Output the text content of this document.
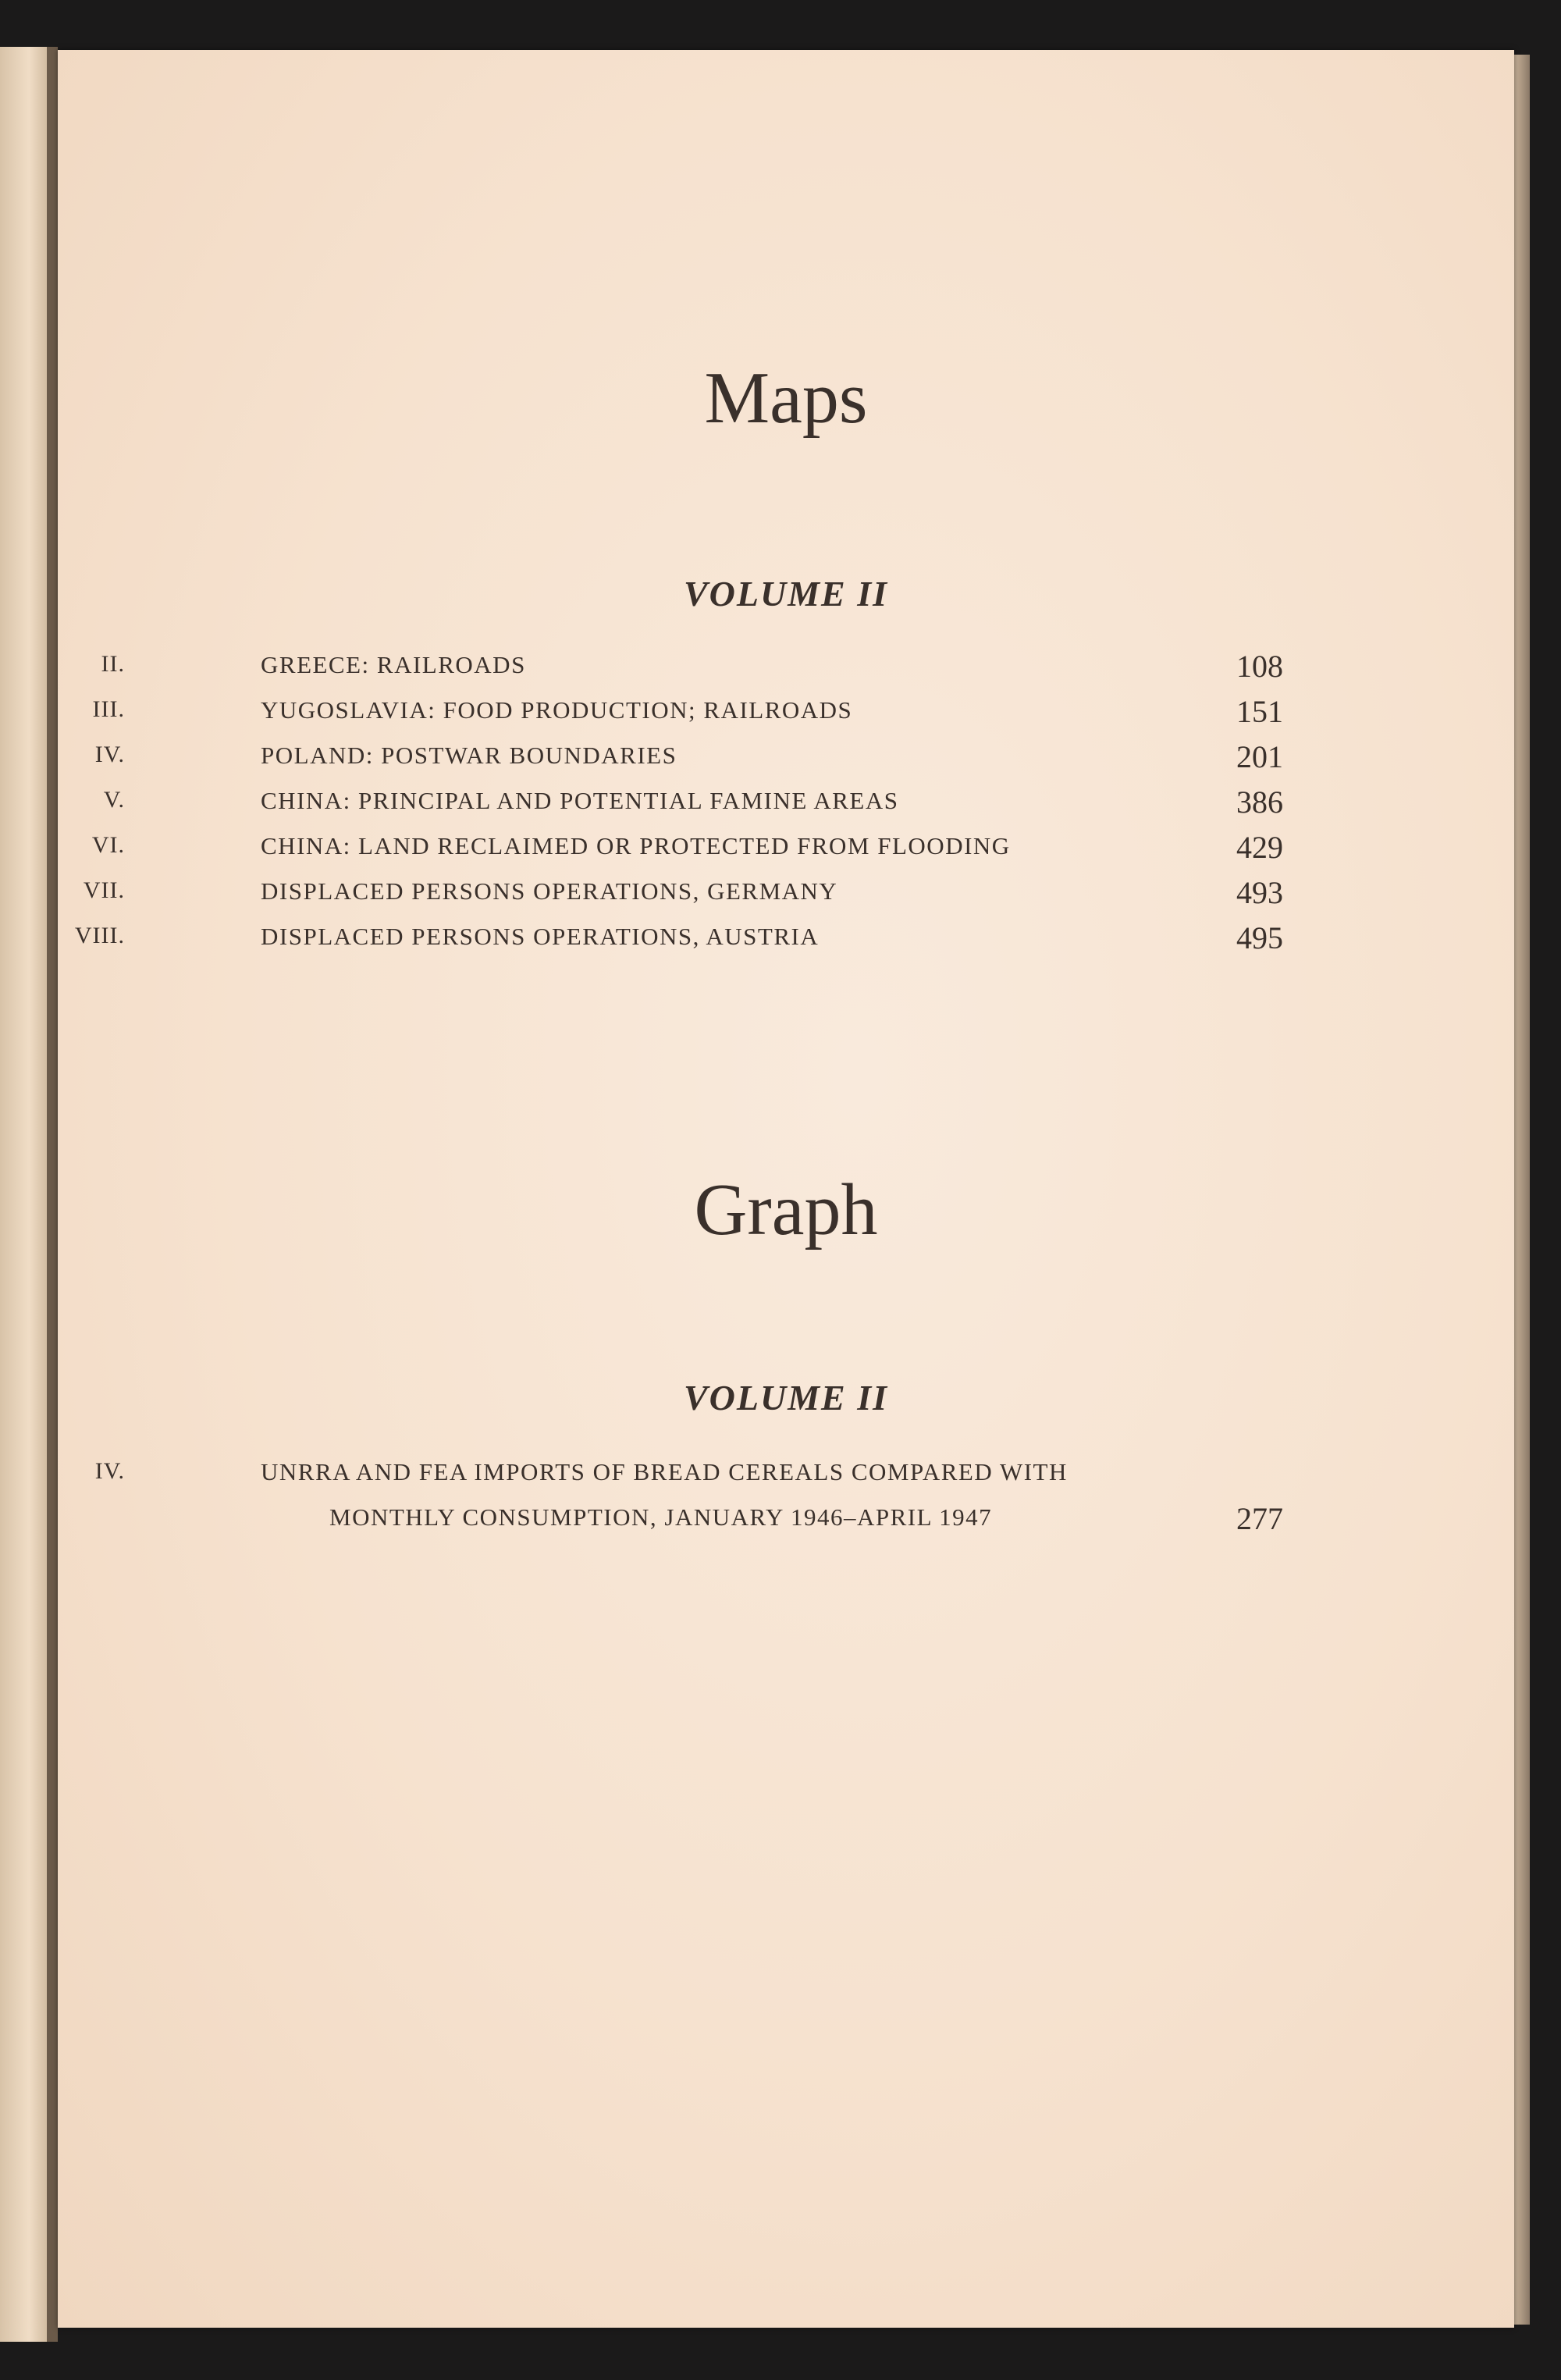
Maps
VOLUME II
II.	GREECE: RAILROADS	108
III.	YUGOSLAVIA: FOOD PRODUCTION; RAILROADS	151
IV.	POLAND: POSTWAR BOUNDARIES	201
V.	CHINA: PRINCIPAL AND POTENTIAL FAMINE AREAS	386
VI.	CHINA: LAND RECLAIMED OR PROTECTED FROM FLOODING	429
VII.	DISPLACED PERSONS OPERATIONS, GERMANY	493
VIII.	DISPLACED PERSONS OPERATIONS, AUSTRIA	495
Graph
VOLUME II
IV.	UNRRA AND FEA IMPORTS OF BREAD CEREALS COMPARED WITH
MONTHLY CONSUMPTION, JANUARY 1946–APRIL 1947	277
